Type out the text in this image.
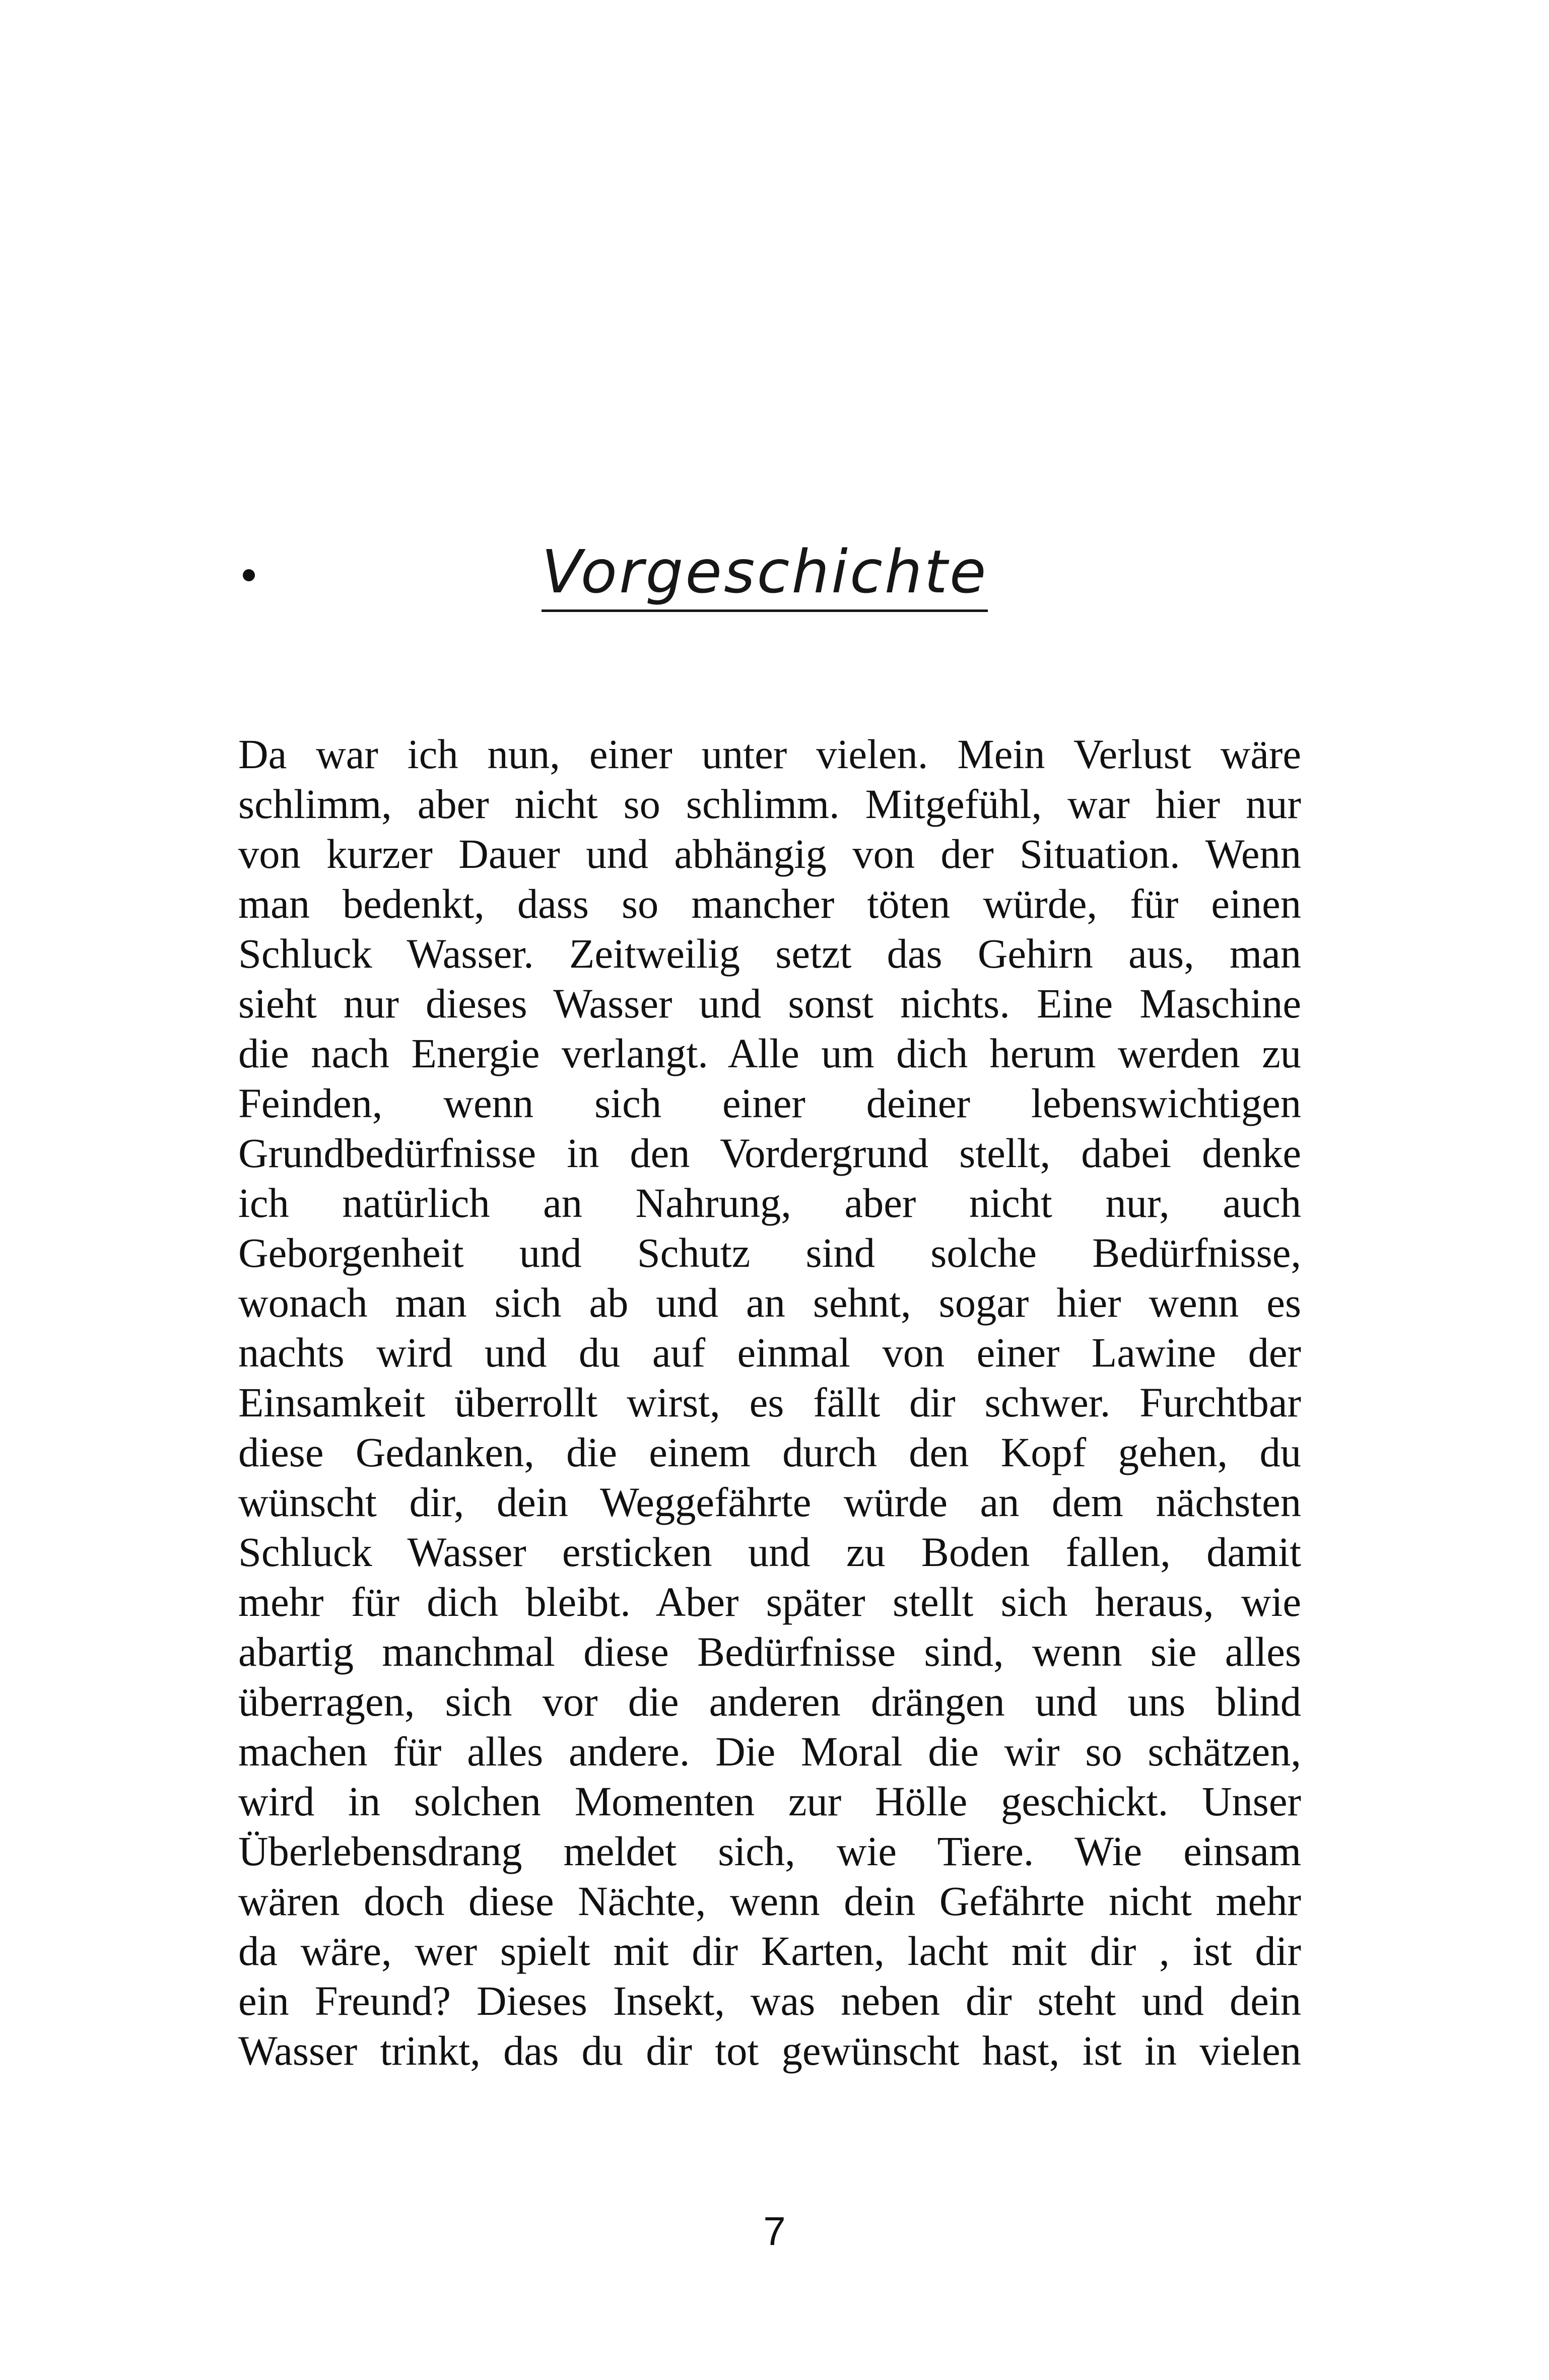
Vorgeschichte
Da war ich nun, einer unter vielen. Mein Verlust wäre
schlimm, aber nicht so schlimm. Mitgefühl, war hier nur
von kurzer Dauer und abhängig von der Situation. Wenn
man bedenkt, dass so mancher töten würde, für einen
Schluck Wasser. Zeitweilig setzt das Gehirn aus, man
sieht nur dieses Wasser und sonst nichts. Eine Maschine
die nach Energie verlangt. Alle um dich herum werden zu
Feinden, wenn sich einer deiner lebenswichtigen
Grundbedürfnisse in den Vordergrund stellt, dabei denke
ich natürlich an Nahrung, aber nicht nur, auch
Geborgenheit und Schutz sind solche Bedürfnisse,
wonach man sich ab und an sehnt, sogar hier wenn es
nachts wird und du auf einmal von einer Lawine der
Einsamkeit überrollt wirst, es fällt dir schwer. Furchtbar
diese Gedanken, die einem durch den Kopf gehen, du
wünscht dir, dein Weggefährte würde an dem nächsten
Schluck Wasser ersticken und zu Boden fallen, damit
mehr für dich bleibt. Aber später stellt sich heraus, wie
abartig manchmal diese Bedürfnisse sind, wenn sie alles
überragen, sich vor die anderen drängen und uns blind
machen für alles andere. Die Moral die wir so schätzen,
wird in solchen Momenten zur Hölle geschickt. Unser
Überlebensdrang meldet sich, wie Tiere. Wie einsam
wären doch diese Nächte, wenn dein Gefährte nicht mehr
da wäre, wer spielt mit dir Karten, lacht mit dir , ist dir
ein Freund? Dieses Insekt, was neben dir steht und dein
Wasser trinkt, das du dir tot gewünscht hast, ist in vielen
7
